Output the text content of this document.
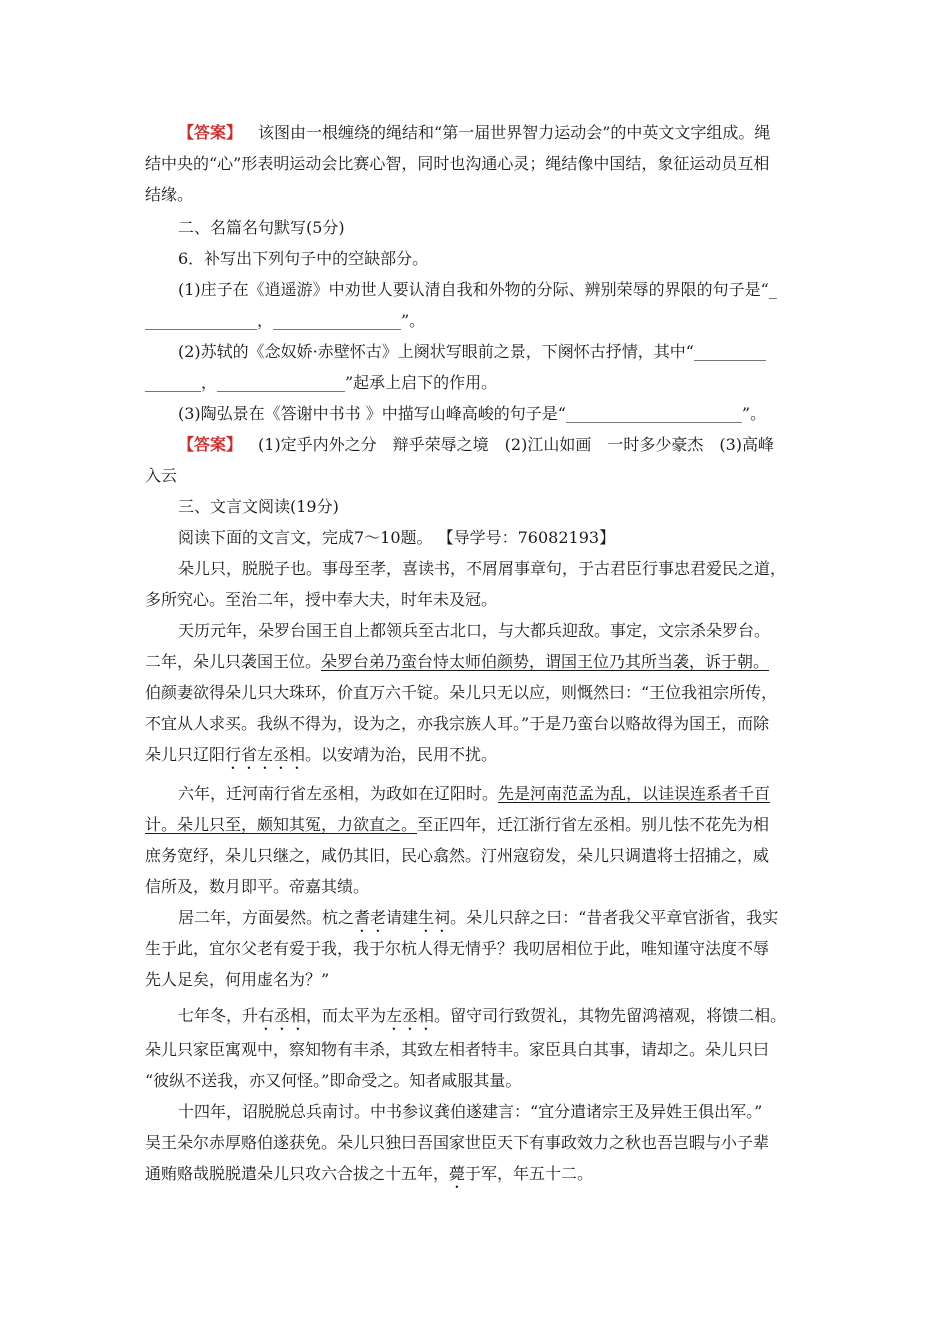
【答案】 该图由一根缠绕的绳结和“第一届世界智力运动会”的中英文文字组成。绳
结中央的“心”形表明运动会比赛心智，同时也沟通心灵；绳结像中国结，象征运动员互相
结缘。
二、名篇名句默写(5分)
6．补写出下列句子中的空缺部分。
(1)庄子在《逍遥游》中劝世人要认清自我和外物的分际、辨别荣辱的界限的句子是“_
______________，________________”。
(2)苏轼的《念奴娇·赤壁怀古》上阕状写眼前之景，下阕怀古抒情，其中“_________
_______，________________”起承上启下的作用。
(3)陶弘景在《答谢中书书 》中描写山峰高峻的句子是“______________________”。
【答案】 (1)定乎内外之分　辩乎荣辱之境　(2)江山如画　一时多少豪杰　(3)高峰
入云
三、文言文阅读(19分)
阅读下面的文言文，完成7～10题。 【导学号：76082193】
朵儿只，脱脱子也。事母至孝，喜读书，不屑屑事章句，于古君臣行事忠君爱民之道，
多所究心。至治二年，授中奉大夫，时年未及冠。
天历元年，朵罗台国王自上都领兵至古北口，与大都兵迎敌。事定，文宗杀朵罗台。
二年，朵儿只袭国王位。朵罗台弟乃蛮台恃太师伯颜势，谓国王位乃其所当袭，诉于朝。
伯颜妻欲得朵儿只大珠环，价直万六千锭。朵儿只无以应，则慨然曰：“王位我祖宗所传，
不宜从人求买。我纵不得为，设为之，亦我宗族人耳。”于是乃蛮台以赂故得为国王，而除
朵儿只辽阳行省左丞相。以安靖为治，民用不扰。
六年，迁河南行省左丞相，为政如在辽阳时。先是河南范孟为乱，以诖误连系者千百
计。朵儿只至，颇知其冤，力欲直之。至正四年，迁江浙行省左丞相。别儿怯不花先为相
庶务宽纾，朵儿只继之，咸仍其旧，民心翕然。汀州寇窃发，朵儿只调遣将士招捕之，威
信所及，数月即平。帝嘉其绩。
居二年，方面晏然。杭之耆老请建生祠。朵儿只辞之曰：“昔者我父平章官浙省，我实
生于此，宜尔父老有爱于我，我于尔杭人得无情乎？我叨居相位于此，唯知谨守法度不辱
先人足矣，何用虚名为？”
七年冬，升右丞相，而太平为左丞相。留守司行致贺礼，其物先留鸿禧观，将馈二相。
朵儿只家臣寓观中，察知物有丰杀，其致左相者特丰。家臣具白其事，请却之。朵儿只曰
“彼纵不送我，亦又何怪。”即命受之。知者咸服其量。
十四年，诏脱脱总兵南讨。中书参议龚伯遂建言：“宜分遣诸宗王及异姓王俱出军。”
吴王朵尔赤厚赂伯遂获免。朵儿只独曰吾国家世臣天下有事政效力之秋也吾岂暇与小子辈
通贿赂哉脱脱遣朵儿只攻六合拔之十五年，薨于军，年五十二。
